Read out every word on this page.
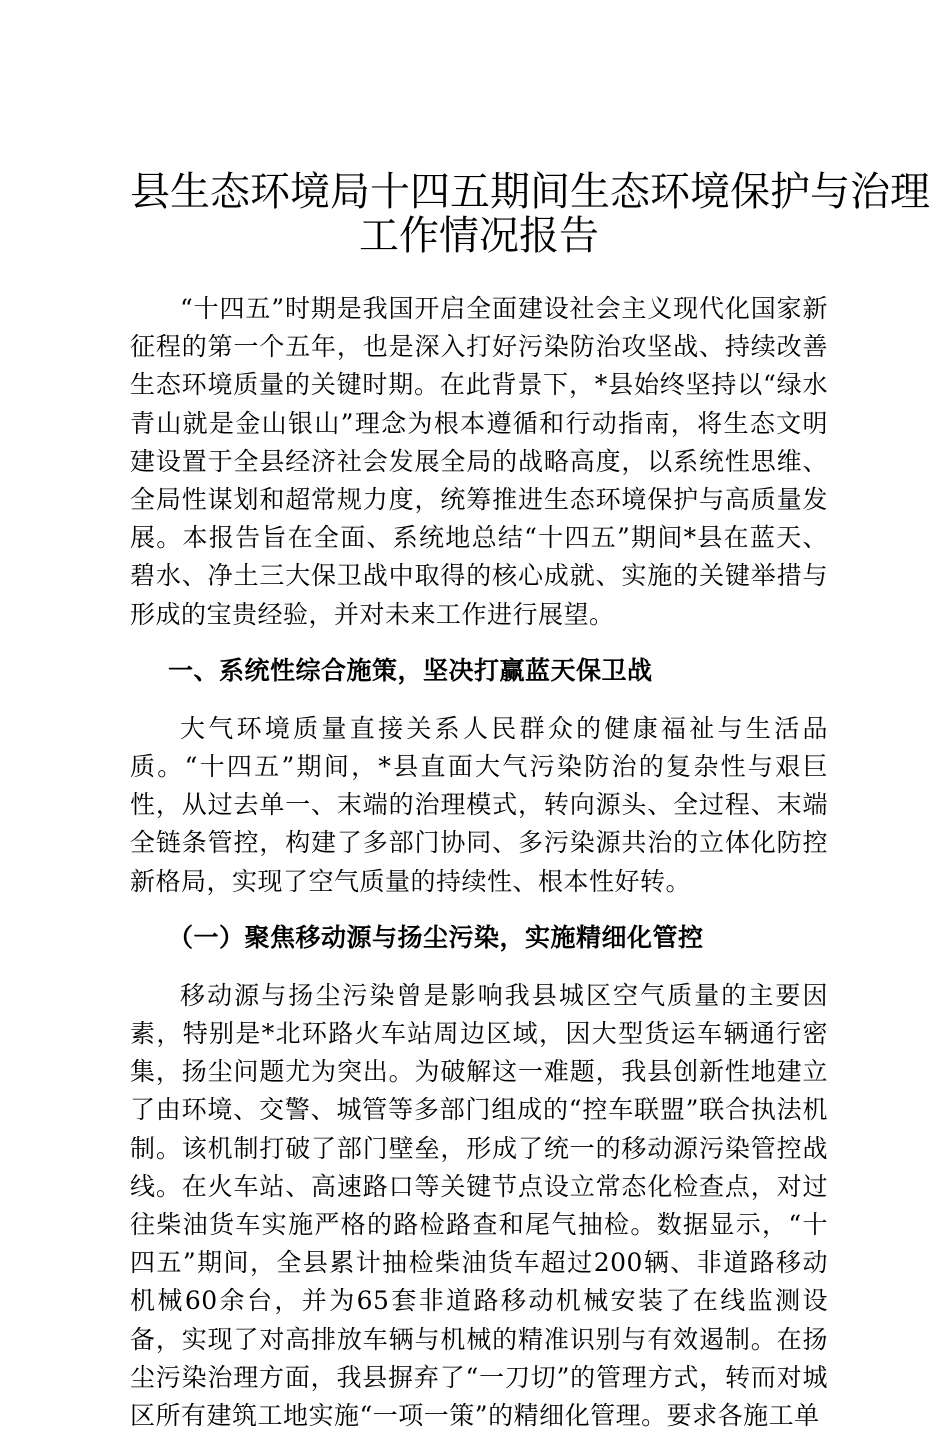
县生态环境局十四五期间生态环境保护与治理
工作情况报告

“十四五”时期是我国开启全面建设社会主义现代化国家新征程的第一个五年，也是深入打好污染防治攻坚战、持续改善生态环境质量的关键时期。在此背景下，*县始终坚持以“绿水青山就是金山银山”理念为根本遵循和行动指南，将生态文明建设置于全县经济社会发展全局的战略高度，以系统性思维、全局性谋划和超常规力度，统筹推进生态环境保护与高质量发展。本报告旨在全面、系统地总结“十四五”期间*县在蓝天、碧水、净土三大保卫战中取得的核心成就、实施的关键举措与形成的宝贵经验，并对未来工作进行展望。

一、系统性综合施策，坚决打赢蓝天保卫战

大气环境质量直接关系人民群众的健康福祉与生活品质。“十四五”期间，*县直面大气污染防治的复杂性与艰巨性，从过去单一、末端的治理模式，转向源头、全过程、末端全链条管控，构建了多部门协同、多污染源共治的立体化防控新格局，实现了空气质量的持续性、根本性好转。

（一）聚焦移动源与扬尘污染，实施精细化管控

移动源与扬尘污染曾是影响我县城区空气质量的主要因素，特别是*北环路火车站周边区域，因大型货运车辆通行密集，扬尘问题尤为突出。为破解这一难题，我县创新性地建立了由环境、交警、城管等多部门组成的“控车联盟”联合执法机制。该机制打破了部门壁垒，形成了统一的移动源污染管控战线。在火车站、高速路口等关键节点设立常态化检查点，对过往柴油货车实施严格的路检路查和尾气抽检。数据显示，“十四五”期间，全县累计抽检柴油货车超过200辆、非道路移动机械60余台，并为65套非道路移动机械安装了在线监测设备，实现了对高排放车辆与机械的精准识别与有效遏制。在扬尘污染治理方面，我县摒弃了“一刀切”的管理方式，转而对城区所有建筑工地实施“一项一策”的精细化管理。要求各施工单
